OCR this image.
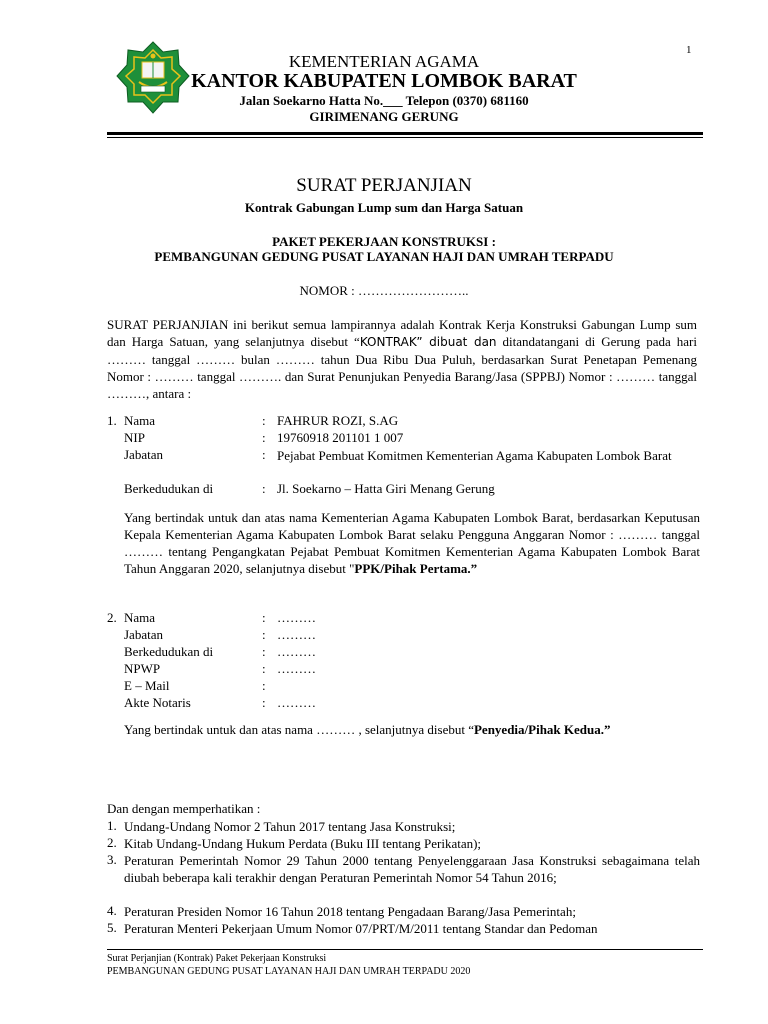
1
KEMENTERIAN AGAMA
KANTOR KABUPATEN LOMBOK BARAT
Jalan Soekarno Hatta No.___ Telepon (0370) 681160
GIRIMENANG GERUNG
SURAT PERJANJIAN
Kontrak Gabungan Lump sum dan Harga Satuan
PAKET PEKERJAAN KONSTRUKSI :
PEMBANGUNAN GEDUNG PUSAT LAYANAN HAJI DAN UMRAH TERPADU
NOMOR : ……………………..
SURAT PERJANJIAN ini berikut semua lampirannya adalah Kontrak Kerja Konstruksi Gabungan Lump sum dan Harga Satuan, yang selanjutnya disebut “KONTRAK” dibuat dan ditandatangani di Gerung pada hari ……… tanggal ……… bulan ……… tahun Dua Ribu Dua Puluh, berdasarkan Surat Penetapan Pemenang Nomor : ……… tanggal ………. dan Surat Penunjukan Penyedia Barang/Jasa (SPPBJ) Nomor : ……… tanggal ………, antara :
1. Nama	: FAHRUR ROZI, S.AG
NIP	: 19760918 201101 1 007
Jabatan	: Pejabat Pembuat Komitmen Kementerian Agama Kabupaten Lombok Barat
Berkedudukan di	: Jl. Soekarno – Hatta Giri Menang Gerung
Yang bertindak untuk dan atas nama Kementerian Agama Kabupaten Lombok Barat, berdasarkan Keputusan Kepala Kementerian Agama Kabupaten Lombok Barat selaku Pengguna Anggaran Nomor : ……… tanggal ……… tentang Pengangkatan Pejabat Pembuat Komitmen Kementerian Agama Kabupaten Lombok Barat Tahun Anggaran 2020, selanjutnya disebut "PPK/Pihak Pertama.”
2. Nama	: ………
Jabatan	: ………
Berkedudukan di	: ………
NPWP	: ………
E – Mail	:
Akte Notaris	: ………
Yang bertindak untuk dan atas nama ……… , selanjutnya disebut “Penyedia/Pihak Kedua.”
Dan dengan memperhatikan :
1. Undang-Undang Nomor 2 Tahun 2017 tentang Jasa Konstruksi;
2. Kitab Undang-Undang Hukum Perdata (Buku III tentang Perikatan);
3. Peraturan Pemerintah Nomor 29 Tahun 2000 tentang Penyelenggaraan Jasa Konstruksi sebagaimana telah diubah beberapa kali terakhir dengan Peraturan Pemerintah Nomor 54 Tahun 2016;
4. Peraturan Presiden Nomor 16 Tahun 2018 tentang Pengadaan Barang/Jasa Pemerintah;
5. Peraturan Menteri Pekerjaan Umum Nomor 07/PRT/M/2011 tentang Standar dan Pedoman
Surat Perjanjian (Kontrak) Paket Pekerjaan Konstruksi
PEMBANGUNAN GEDUNG PUSAT LAYANAN HAJI DAN UMRAH TERPADU 2020
